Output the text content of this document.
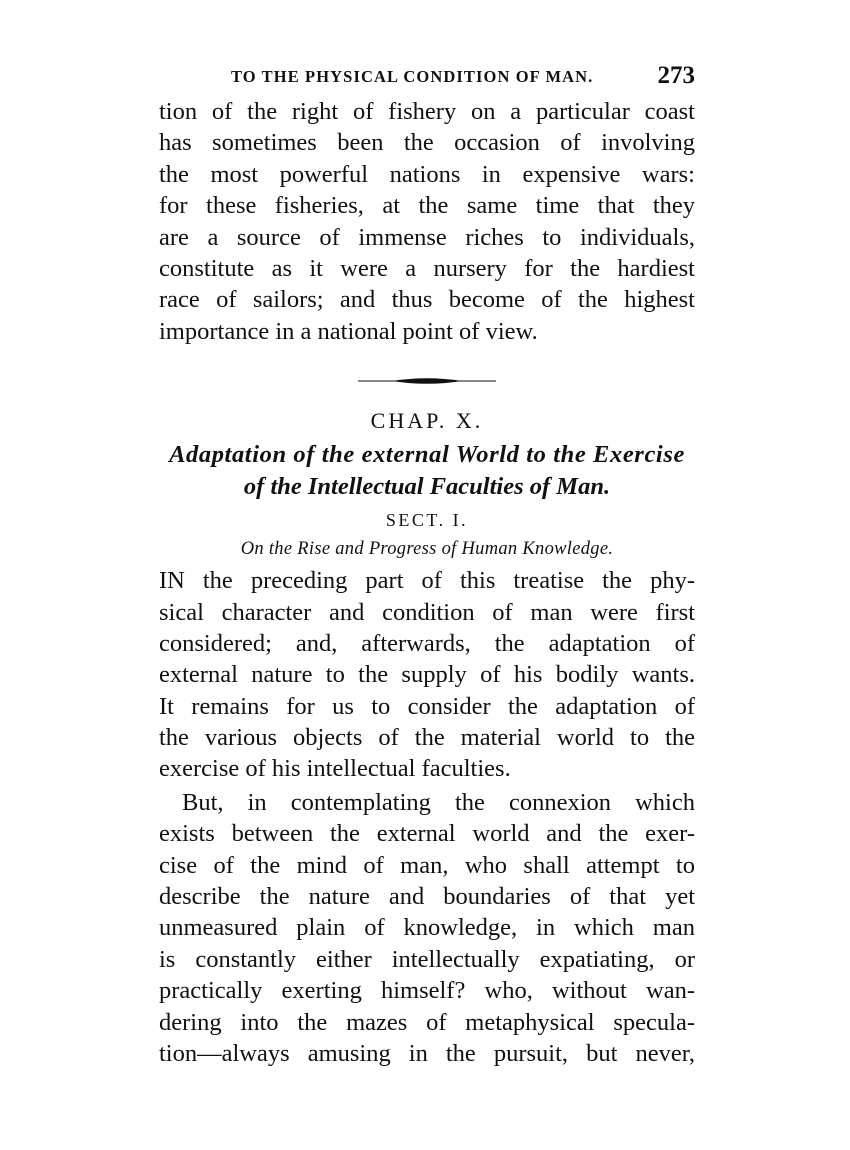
TO THE PHYSICAL CONDITION OF MAN.	273
tion of the right of fishery on a particular coast
has sometimes been the occasion of involving
the most powerful nations in expensive wars:
for these fisheries, at the same time that they
are a source of immense riches to individuals,
constitute as it were a nursery for the hardiest
race of sailors; and thus become of the highest
importance in a national point of view.
CHAP. X.
Adaptation of the external World to the Exercise
of the Intellectual Faculties of Man.
SECT. I.
On the Rise and Progress of Human Knowledge.
IN the preceding part of this treatise the phy-
sical character and condition of man were first
considered; and, afterwards, the adaptation of
external nature to the supply of his bodily wants.
It remains for us to consider the adaptation of
the various objects of the material world to the
exercise of his intellectual faculties.
But, in contemplating the connexion which
exists between the external world and the exer-
cise of the mind of man, who shall attempt to
describe the nature and boundaries of that yet
unmeasured plain of knowledge, in which man
is constantly either intellectually expatiating, or
practically exerting himself? who, without wan-
dering into the mazes of metaphysical specula-
tion—always amusing in the pursuit, but never,
